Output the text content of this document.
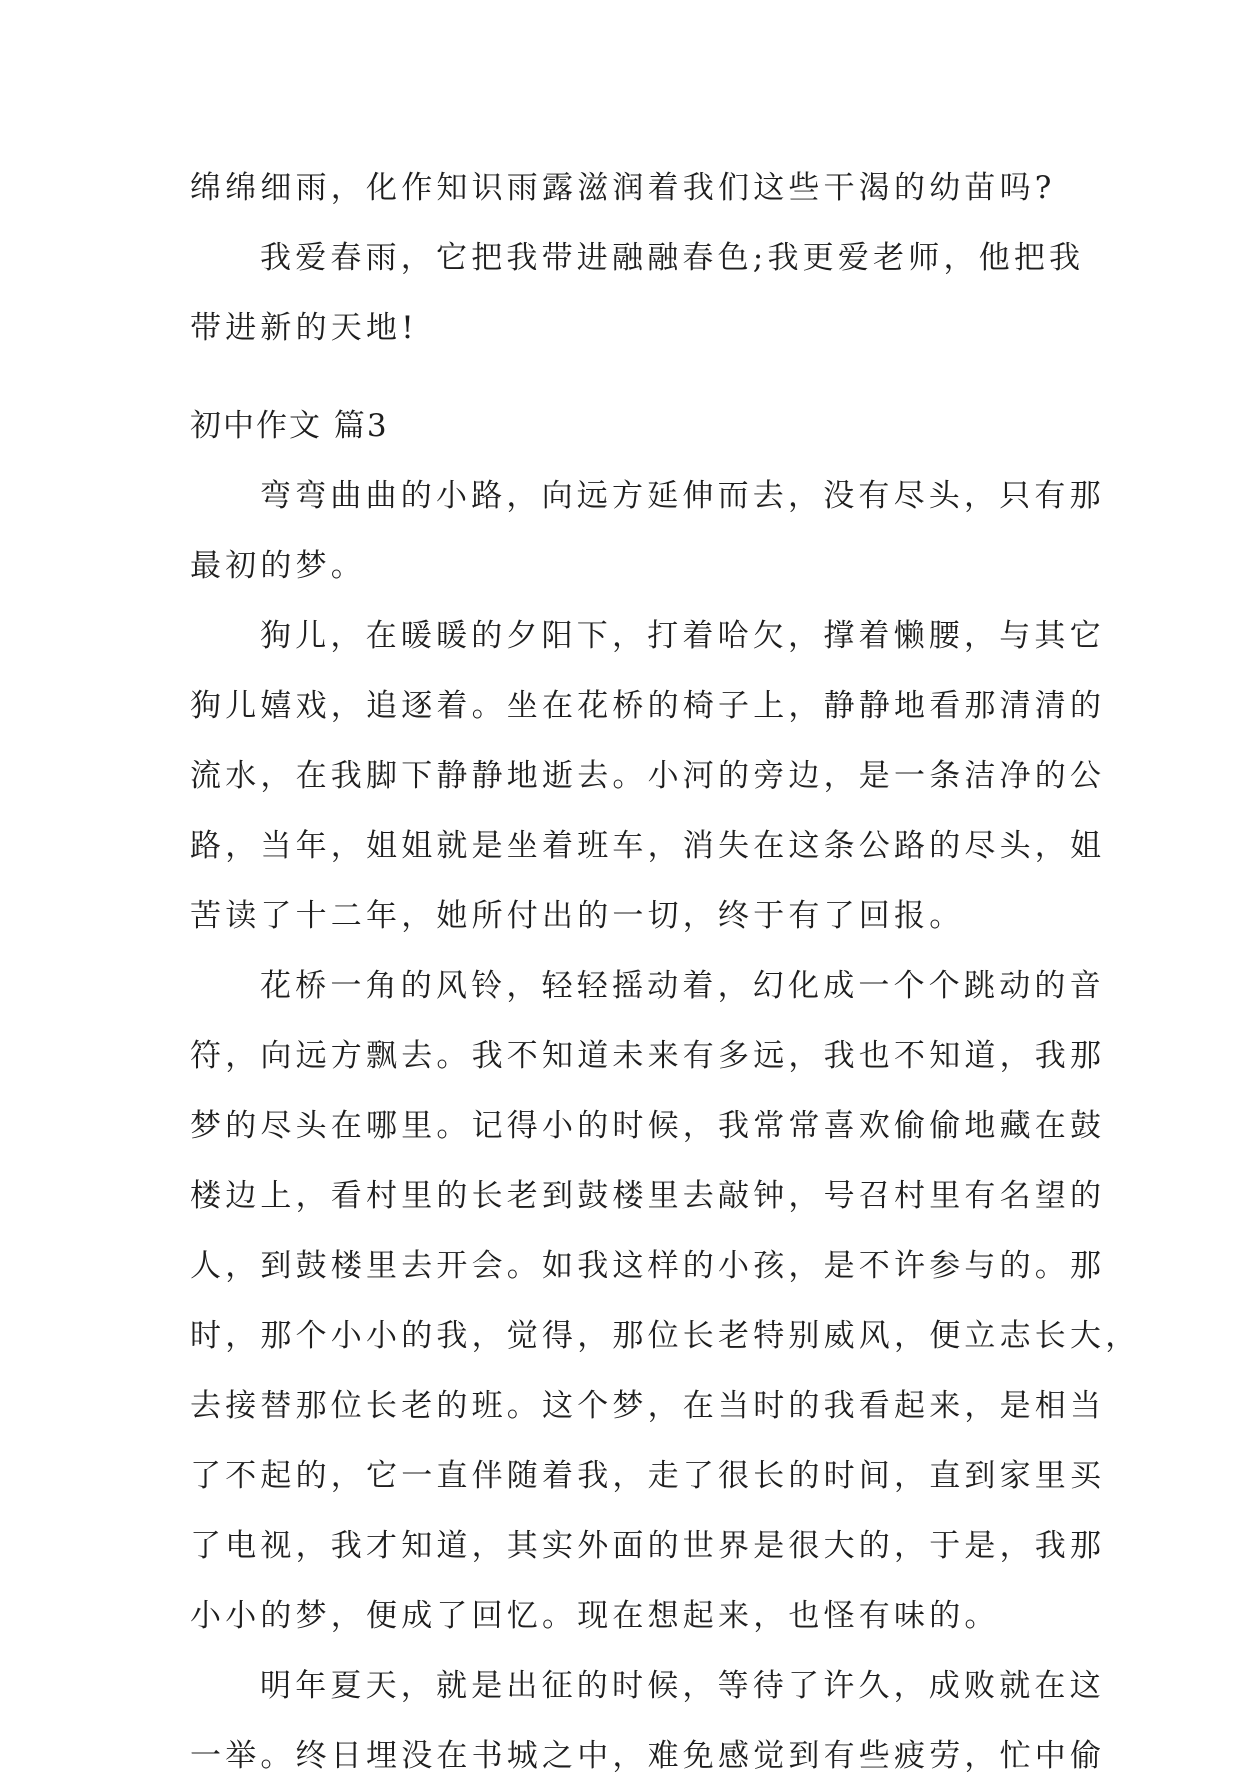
绵绵细雨，化作知识雨露滋润着我们这些干渴的幼苗吗?
我爱春雨，它把我带进融融春色;我更爱老师，他把我
带进新的天地!
初中作文 篇3
弯弯曲曲的小路，向远方延伸而去，没有尽头，只有那
最初的梦。
狗儿，在暖暖的夕阳下，打着哈欠，撑着懒腰，与其它
狗儿嬉戏，追逐着。坐在花桥的椅子上，静静地看那清清的
流水，在我脚下静静地逝去。小河的旁边，是一条洁净的公
路，当年，姐姐就是坐着班车，消失在这条公路的尽头，姐
苦读了十二年，她所付出的一切，终于有了回报。
花桥一角的风铃，轻轻摇动着，幻化成一个个跳动的音
符，向远方飘去。我不知道未来有多远，我也不知道，我那
梦的尽头在哪里。记得小的时候，我常常喜欢偷偷地藏在鼓
楼边上，看村里的长老到鼓楼里去敲钟，号召村里有名望的
人，到鼓楼里去开会。如我这样的小孩，是不许参与的。那
时，那个小小的我，觉得，那位长老特别威风，便立志长大，
去接替那位长老的班。这个梦，在当时的我看起来，是相当
了不起的，它一直伴随着我，走了很长的时间，直到家里买
了电视，我才知道，其实外面的世界是很大的，于是，我那
小小的梦，便成了回忆。现在想起来，也怪有味的。
明年夏天，就是出征的时候，等待了许久，成败就在这
一举。终日埋没在书城之中，难免感觉到有些疲劳，忙中偷
